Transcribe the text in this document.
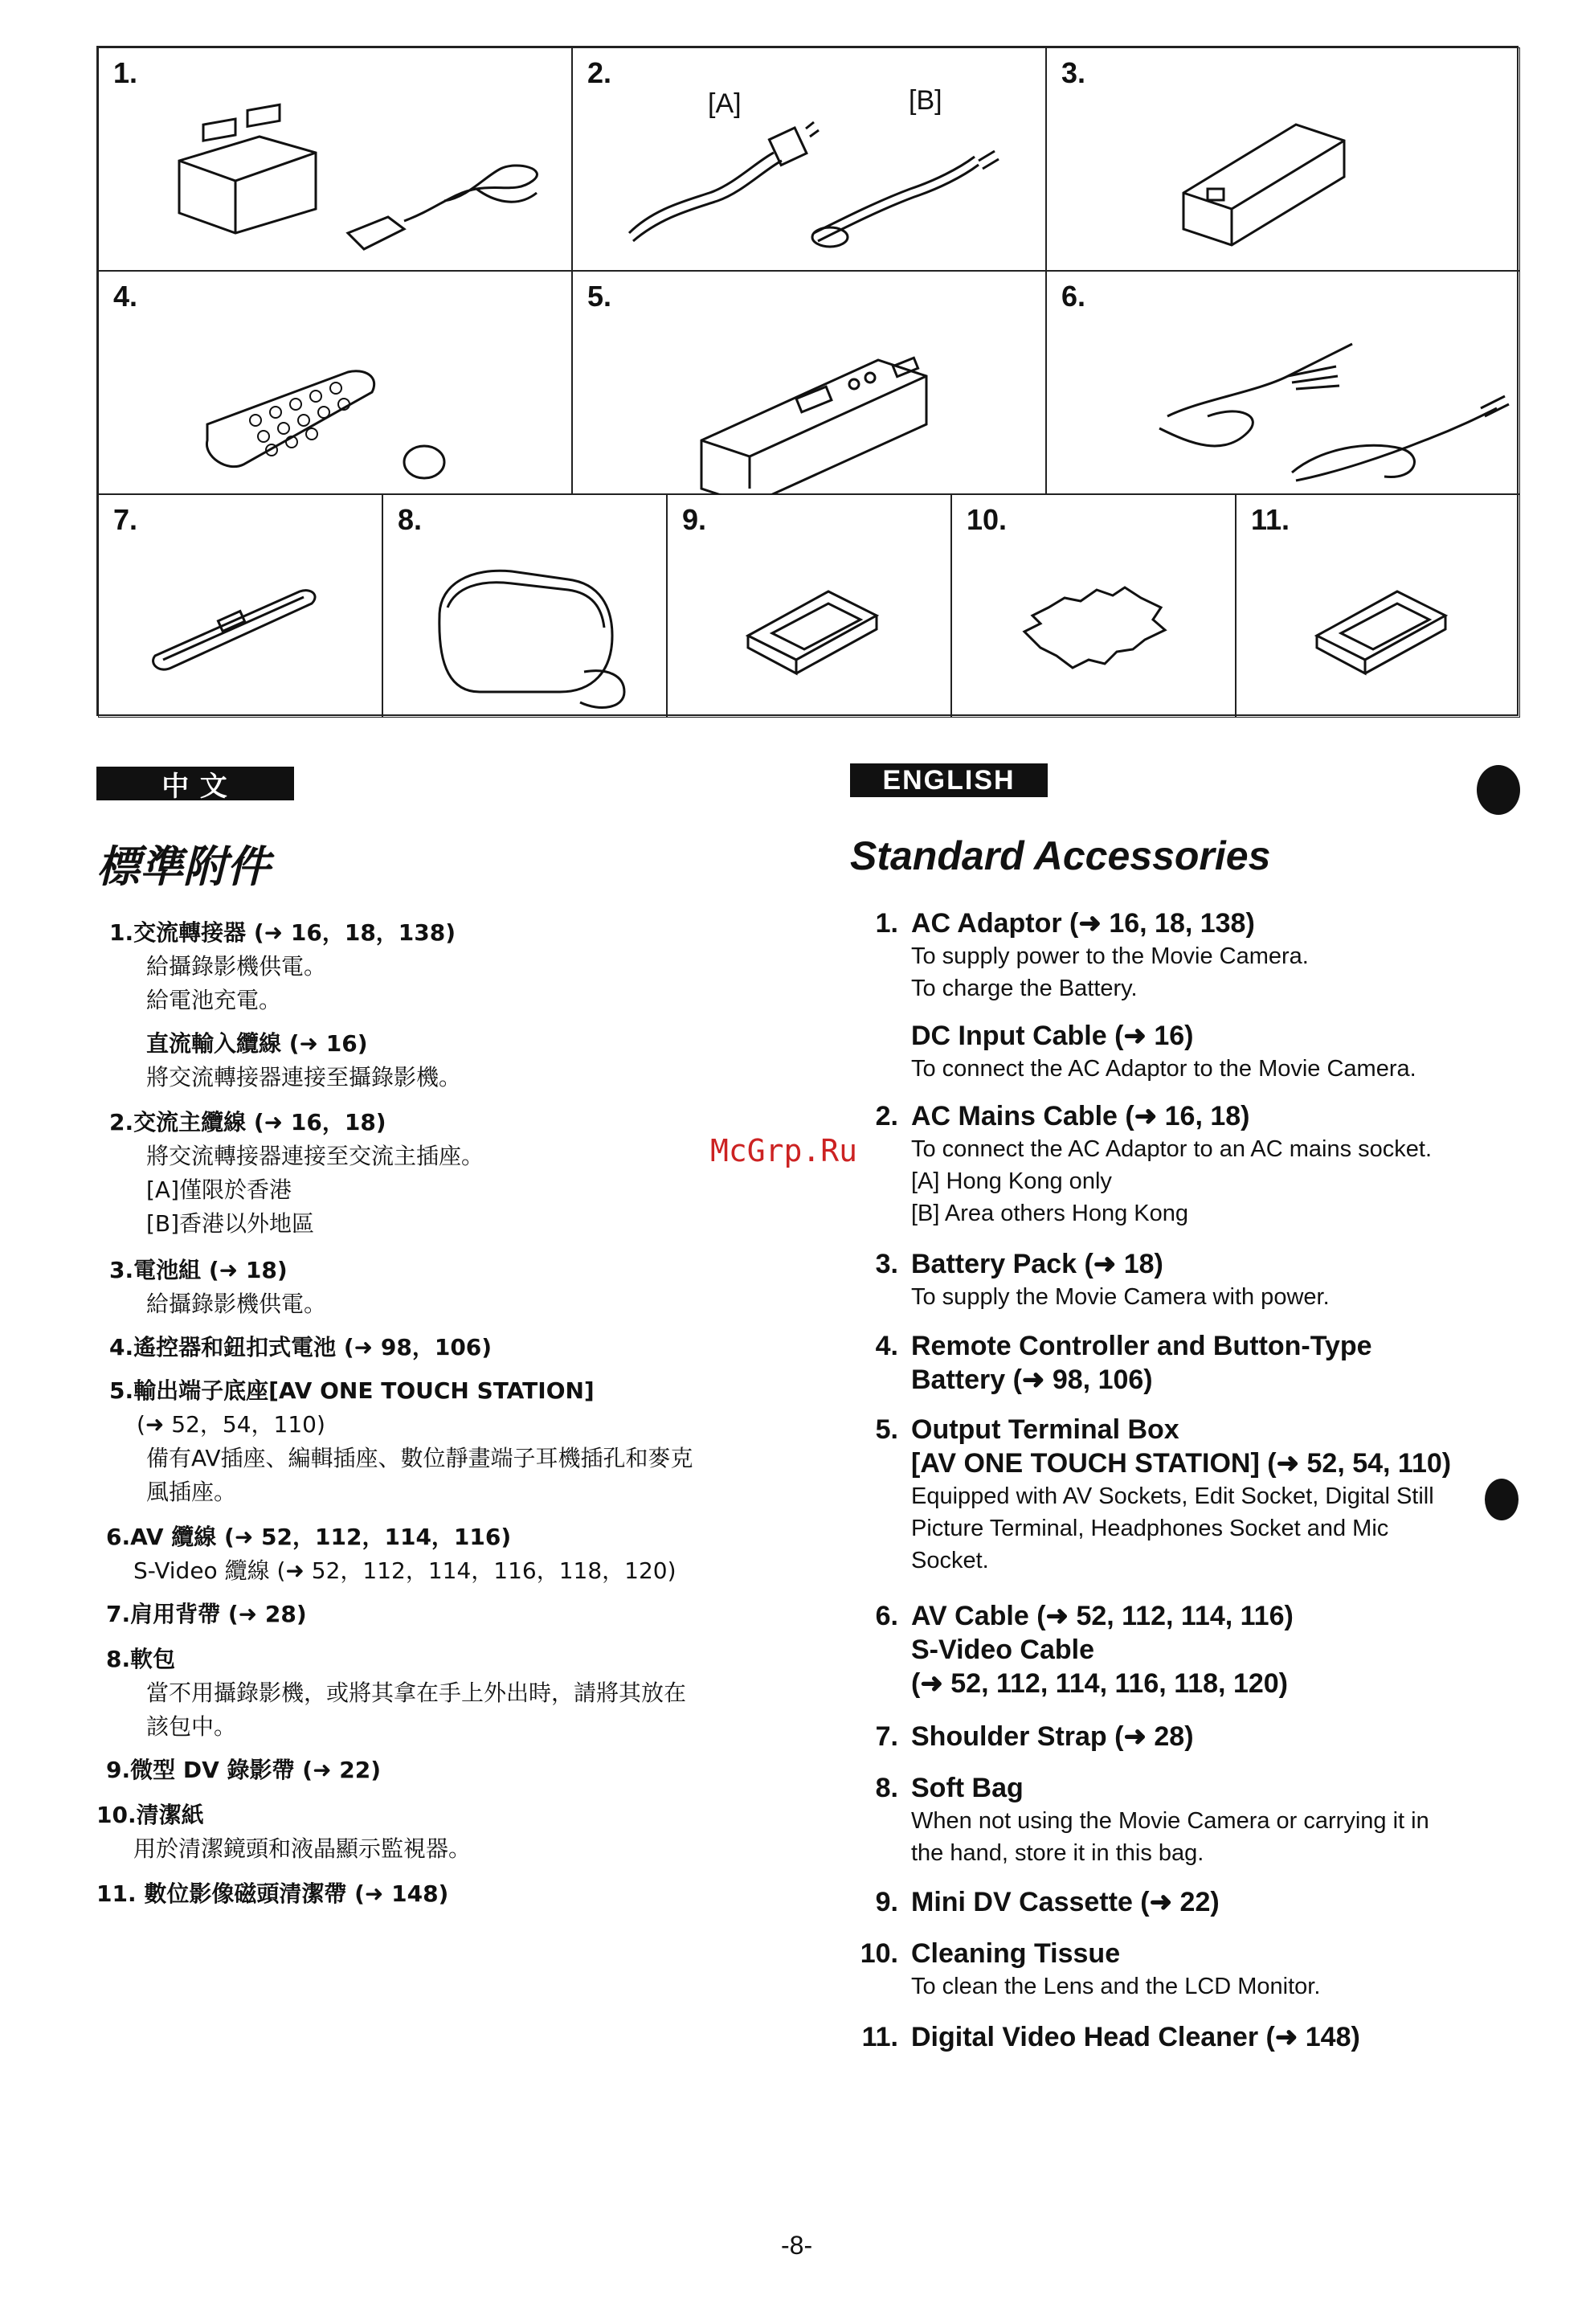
1.	2.
[A]	[B]
3.
4.	5.	6.
7.	8.	9.	10.	11.
中 文	ENGLISH
標準附件	Standard Accessories
McGrp.Ru
1.交流轉接器 (➜ 16，18，138)
給攝錄影機供電。
給電池充電。
直流輸入纜線 (➜ 16)
將交流轉接器連接至攝錄影機。
2.交流主纜線 (➜ 16，18)
將交流轉接器連接至交流主插座。
[A]僅限於香港
[B]香港以外地區
3.電池組 (➜ 18)
給攝錄影機供電。
4.遙控器和鈕扣式電池 (➜ 98，106)
5.輸出端子底座[AV ONE TOUCH STATION]
(➜ 52，54，110)
備有AV插座、編輯插座、數位靜畫端子耳機插孔和麥克
風插座。
6.AV 纜線 (➜ 52，112，114，116)
S-Video 纜線 (➜ 52，112，114，116，118，120)
7.肩用背帶 (➜ 28)
8.軟包
當不用攝錄影機，或將其拿在手上外出時，請將其放在
該包中。
9.微型 DV 錄影帶 (➜ 22)
10.清潔紙
用於清潔鏡頭和液晶顯示監視器。
11. 數位影像磁頭清潔帶 (➜ 148)
1. AC Adaptor (➜ 16, 18, 138)
To supply power to the Movie Camera.
To charge the Battery.
DC Input Cable (➜ 16)
To connect the AC Adaptor to the Movie Camera.
2. AC Mains Cable (➜ 16, 18)
To connect the AC Adaptor to an AC mains socket.
[A] Hong Kong only
[B] Area others Hong Kong
3. Battery Pack (➜ 18)
To supply the Movie Camera with power.
4. Remote Controller and Button-Type
Battery (➜ 98, 106)
5. Output Terminal Box
[AV ONE TOUCH STATION] (➜ 52, 54, 110)
Equipped with AV Sockets, Edit Socket, Digital Still
Picture Terminal, Headphones Socket and Mic
Socket.
6. AV Cable (➜ 52, 112, 114, 116)
S-Video Cable
(➜ 52, 112, 114, 116, 118, 120)
7. Shoulder Strap (➜ 28)
8. Soft Bag
When not using the Movie Camera or carrying it in
the hand, store it in this bag.
9. Mini DV Cassette (➜ 22)
10. Cleaning Tissue
To clean the Lens and the LCD Monitor.
11. Digital Video Head Cleaner (➜ 148)
-8-
